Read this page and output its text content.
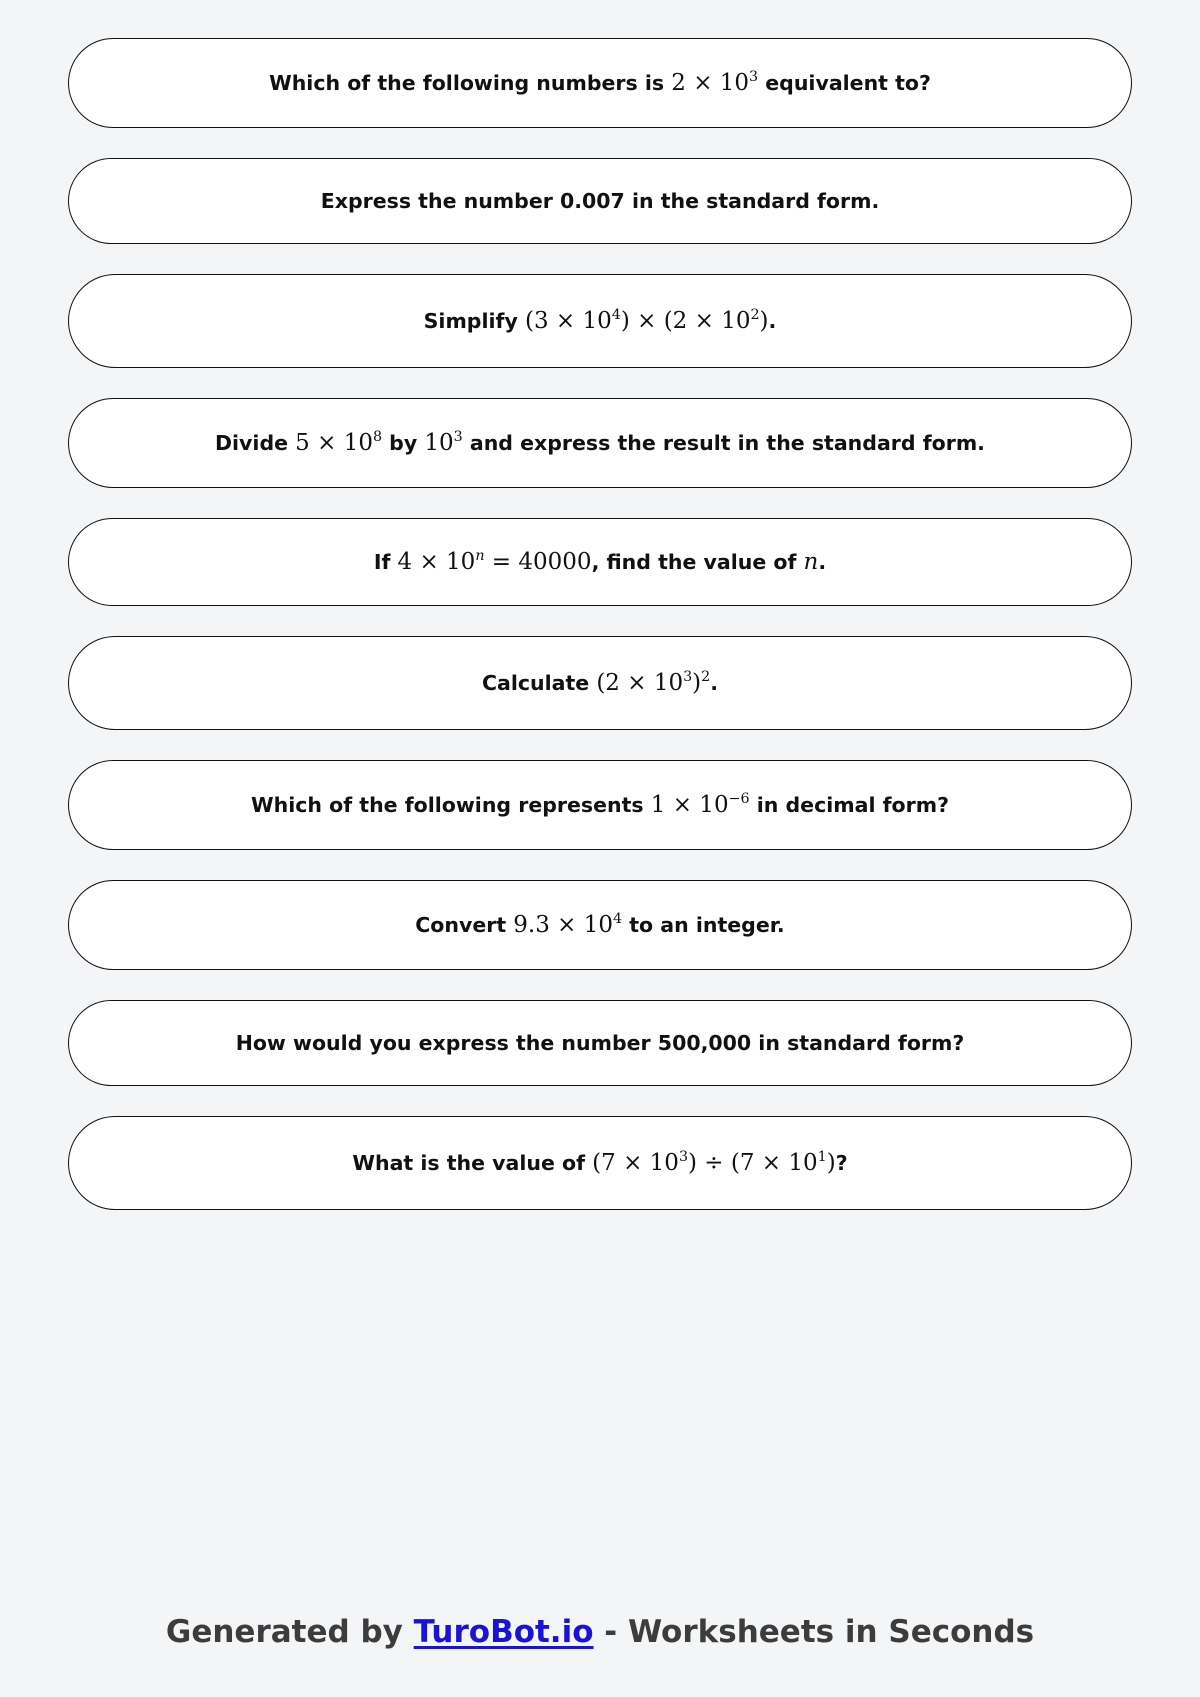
Which of the following numbers is $2 \times 10^3$ equivalent to?
Express the number 0.007 in the standard form.
Simplify $(3 \times 10^4) \times (2 \times 10^2)$.
Divide $5 \times 10^8$ by $10^3$ and express the result in the standard form.
If $4 \times 10^n = 40000$, find the value of n.
Calculate $(2 \times 10^3)^2$.
Which of the following represents $1 \times 10^{-6}$ in decimal form?
Convert $9.3 \times 10^4$ to an integer.
How would you express the number 500,000 in standard form?
What is the value of $(7 \times 10^3) \div (7 \times 10^1)$?
Generated by TuroBot.io - Worksheets in Seconds
